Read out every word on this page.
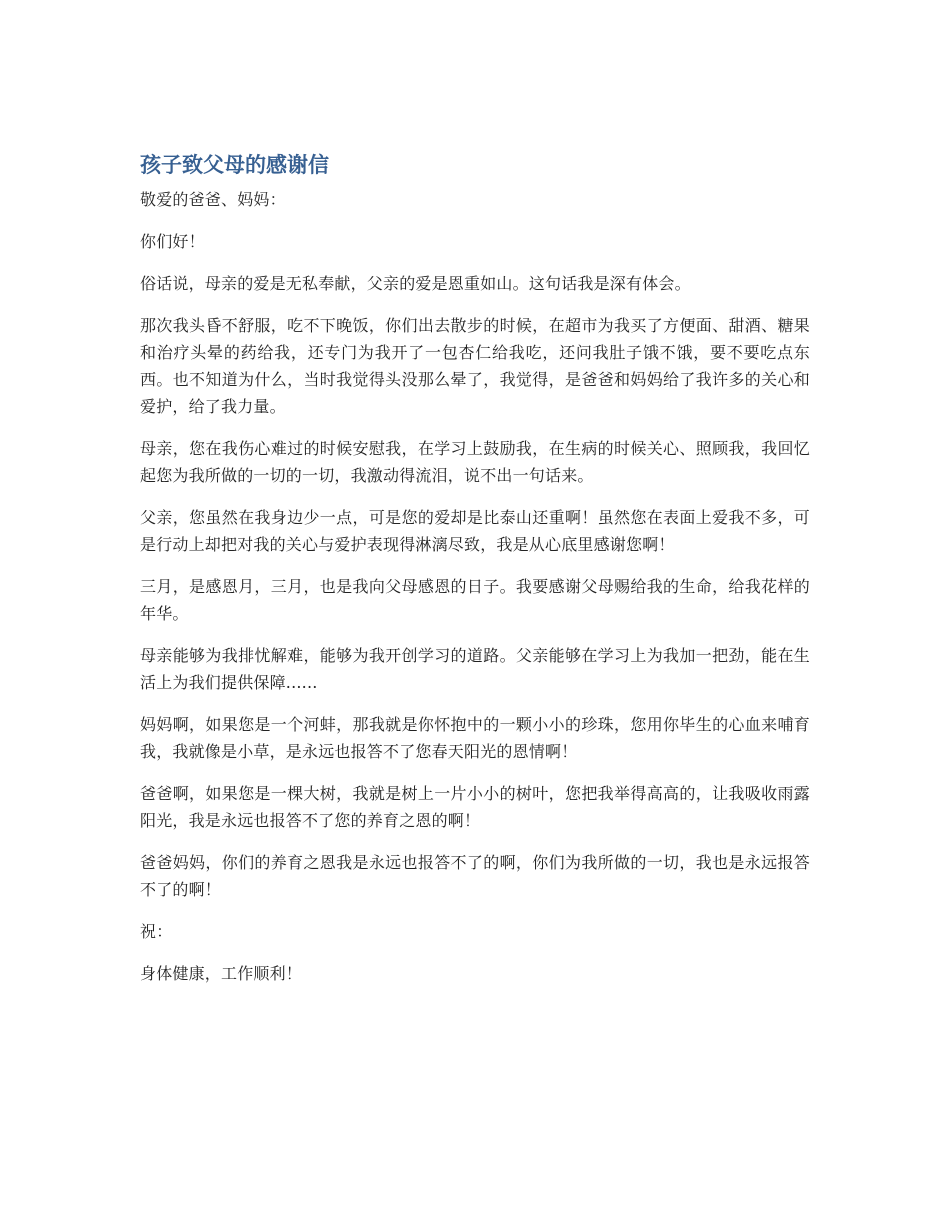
孩子致父母的感谢信

敬爱的爸爸、妈妈：

你们好！

俗话说，母亲的爱是无私奉献，父亲的爱是恩重如山。这句话我是深有体会。

那次我头昏不舒服，吃不下晚饭，你们出去散步的时候，在超市为我买了方便面、甜酒、糖果和治疗头晕的药给我，还专门为我开了一包杏仁给我吃，还问我肚子饿不饿，要不要吃点东西。也不知道为什么，当时我觉得头没那么晕了，我觉得，是爸爸和妈妈给了我许多的关心和爱护，给了我力量。

母亲，您在我伤心难过的时候安慰我，在学习上鼓励我，在生病的时候关心、照顾我，我回忆起您为我所做的一切的一切，我激动得流泪，说不出一句话来。

父亲，您虽然在我身边少一点，可是您的爱却是比泰山还重啊！虽然您在表面上爱我不多，可是行动上却把对我的关心与爱护表现得淋漓尽致，我是从心底里感谢您啊！

三月，是感恩月，三月，也是我向父母感恩的日子。我要感谢父母赐给我的生命，给我花样的年华。

母亲能够为我排忧解难，能够为我开创学习的道路。父亲能够在学习上为我加一把劲，能在生活上为我们提供保障......

妈妈啊，如果您是一个河蚌，那我就是你怀抱中的一颗小小的珍珠，您用你毕生的心血来哺育我，我就像是小草，是永远也报答不了您春天阳光的恩情啊！

爸爸啊，如果您是一棵大树，我就是树上一片小小的树叶，您把我举得高高的，让我吸收雨露阳光，我是永远也报答不了您的养育之恩的啊！

爸爸妈妈，你们的养育之恩我是永远也报答不了的啊，你们为我所做的一切，我也是永远报答不了的啊！

祝：

身体健康，工作顺利！
